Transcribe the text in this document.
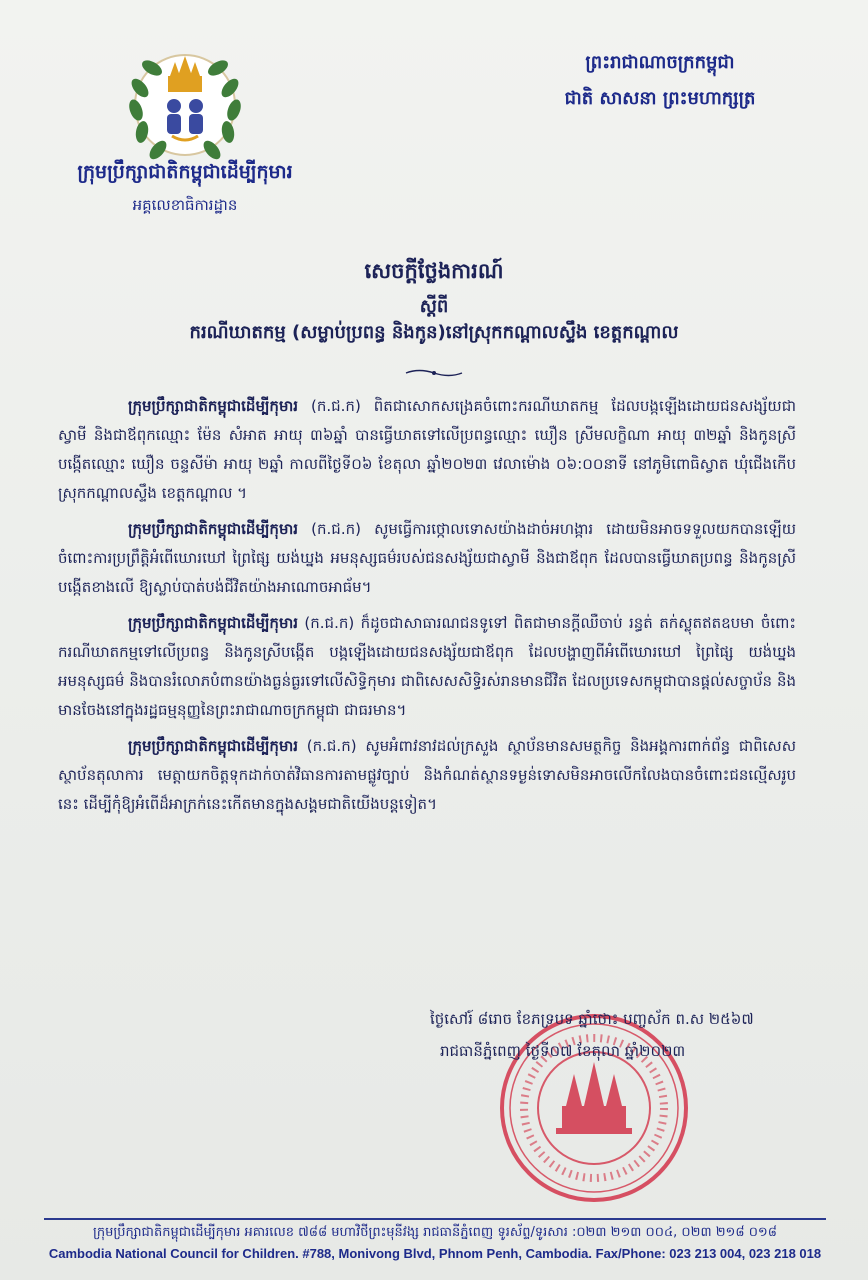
ក្រុមប្រឹក្សាជាតិកម្ពុជាដើម្បីកុមារ
អគ្គលេខាធិការដ្ឋាន
ព្រះរាជាណាចក្រកម្ពុជា
ជាតិ សាសនា ព្រះមហាក្សត្រ
សេចក្តីថ្លែងការណ៍
ស្តីពី
ករណីឃាតកម្ម (សម្លាប់ប្រពន្ធ និងកូន)នៅស្រុកកណ្តាលស្ទឹង ខេត្តកណ្តាល

ក្រុមប្រឹក្សាជាតិកម្ពុជាដើម្បីកុមារ (ក.ជ.ក) ពិតជាសោកសង្រេគចំពោះករណីឃាតកម្ម ដែលបង្កឡើងដោយជនសង្ស័យជាស្វាមី និងជាឪពុកឈ្មោះ ម៉ែន សំអាត អាយុ ៣៦ឆ្នាំ បានធ្វើឃាតទៅលើប្រពន្ធឈ្មោះ ឃឿន ស្រីមលក្ខិណា អាយុ ៣២ឆ្នាំ និងកូនស្រីបង្កើតឈ្មោះ ឃឿន ចន្ទសីម៉ា អាយុ ២ឆ្នាំ កាលពីថ្ងៃទី០៦ ខែតុលា ឆ្នាំ២០២៣ វេលាម៉ោង ០៦:០០នាទី នៅភូមិពោធិស្វាត ឃុំជើងកើប ស្រុកកណ្តាលស្ទឹង ខេត្តកណ្តាល ។

ក្រុមប្រឹក្សាជាតិកម្ពុជាដើម្បីកុមារ (ក.ជ.ក) សូមធ្វើការថ្កោលទោសយ៉ាងដាច់អហង្ការ ដោយមិនអាចទទួលយកបានឡើយ ចំពោះការប្រព្រឹត្តិអំពើឃោរឃៅ ព្រៃផ្សៃ យង់ឃ្នង អមនុស្សធម៌របស់ជនសង្ស័យជាស្វាមី និងជាឪពុក ដែលបានធ្វើឃាតប្រពន្ធ និងកូនស្រីបង្កើតខាងលើ ឱ្យស្លាប់បាត់បង់ជីវិតយ៉ាងអាណោចអាធ័ម។

ក្រុមប្រឹក្សាជាតិកម្ពុជាដើម្បីកុមារ (ក.ជ.ក) ក៏ដូចជាសាធារណជនទូទៅ ពិតជាមានក្តីឈឺចាប់ រន្ធត់ តក់ស្លុតឥតឧបមា ចំពោះករណីឃាតកម្មទៅលើប្រពន្ធ និងកូនស្រីបង្កើត បង្កឡើងដោយជនសង្ស័យជាឪពុក ដែលបង្ហាញពីអំពើឃោរឃៅ ព្រៃផ្សៃ យង់ឃ្នង អមនុស្សធម៌ និងបានរំលោភបំពានយ៉ាងធ្ងន់ធ្ងរទៅលើសិទ្ធិកុមារ ជាពិសេសសិទ្ធិរស់រានមានជីវិត ដែលប្រទេសកម្ពុជាបានផ្តល់សច្ចាប័ន និងមានចែងនៅក្នុងរដ្ឋធម្មនុញ្ញនៃព្រះរាជាណាចក្រកម្ពុជា ជាធរមាន។

ក្រុមប្រឹក្សាជាតិកម្ពុជាដើម្បីកុមារ (ក.ជ.ក) សូមអំពាវនាវដល់ក្រសួង ស្ថាប័នមានសមត្ថកិច្ច និងអង្គការពាក់ព័ន្ធ ជាពិសេសស្ថាប័នតុលាការ មេត្តាយកចិត្តទុកដាក់ចាត់វិធានការតាមផ្លូវច្បាប់ និងកំណត់ស្ថានទម្ងន់ទោសមិនអាចលើកលែងបានចំពោះជនល្មើសរូបនេះ ដើម្បីកុំឱ្យអំពើដ៏អាក្រក់នេះកើតមានក្នុងសង្គមជាតិយើងបន្តទៀត។

ថ្ងៃសៅរ៍ ៨រោច ខែភទ្របទ ឆ្នាំថោះ បញ្ចស័ក ព.ស ២៥៦៧
រាជធានីភ្នំពេញ ថ្ងៃទី០៧ ខែតុលា ឆ្នាំ២០២៣
ក្រុមប្រឹក្សាជាតិកម្ពុជាដើម្បីកុមារ អគារលេខ ៧៨៨ មហាវិថីព្រះមុនីវង្ស រាជធានីភ្នំពេញ ទូរស័ព្ទ/ទូរសារ :០២៣ ២១៣ ០០៤, ០២៣ ២១៨ ០១៨
Cambodia National Council for Children. #788, Monivong Blvd, Phnom Penh, Cambodia. Fax/Phone: 023 213 004, 023 218 018
